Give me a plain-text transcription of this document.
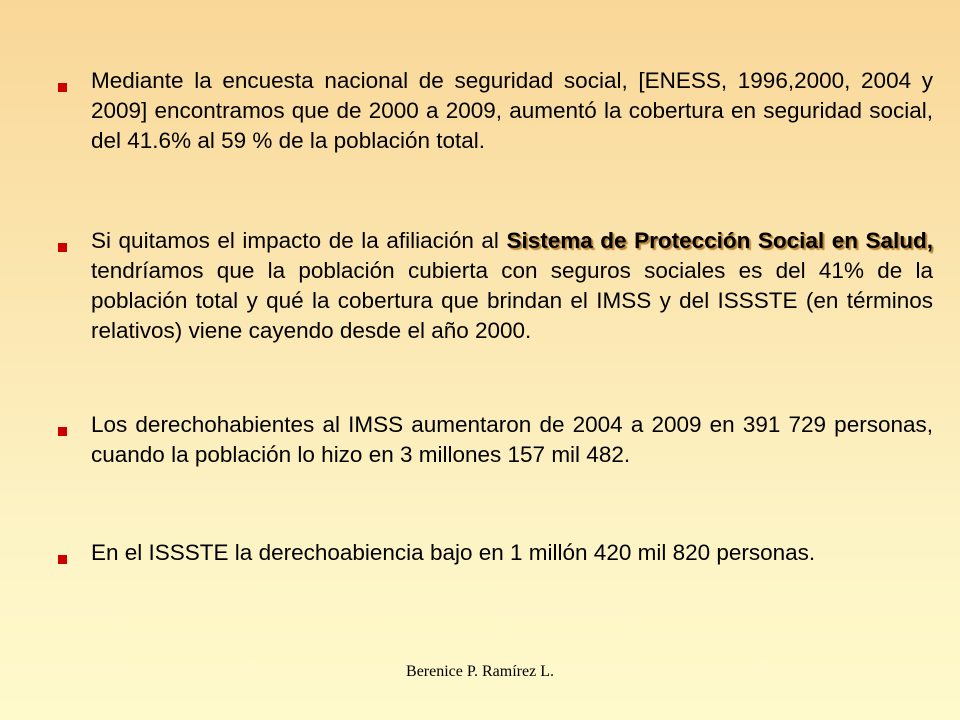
Mediante la encuesta nacional de seguridad social, [ENESS, 1996,2000, 2004 y 2009] encontramos que de 2000 a 2009, aumentó la cobertura en seguridad social, del 41.6% al 59 % de la población total.

Si quitamos el impacto de la afiliación al Sistema de Protección Social en Salud, tendríamos que la población cubierta con seguros sociales es del 41% de la población total y qué la cobertura que brindan el IMSS y del ISSSTE (en términos relativos) viene cayendo desde el año 2000.

Los derechohabientes al IMSS aumentaron de 2004 a 2009 en 391 729 personas, cuando la población lo hizo en 3 millones 157 mil 482.

En el ISSSTE la derechoabiencia bajo en 1 millón 420 mil 820 personas.

Berenice P. Ramírez L.
